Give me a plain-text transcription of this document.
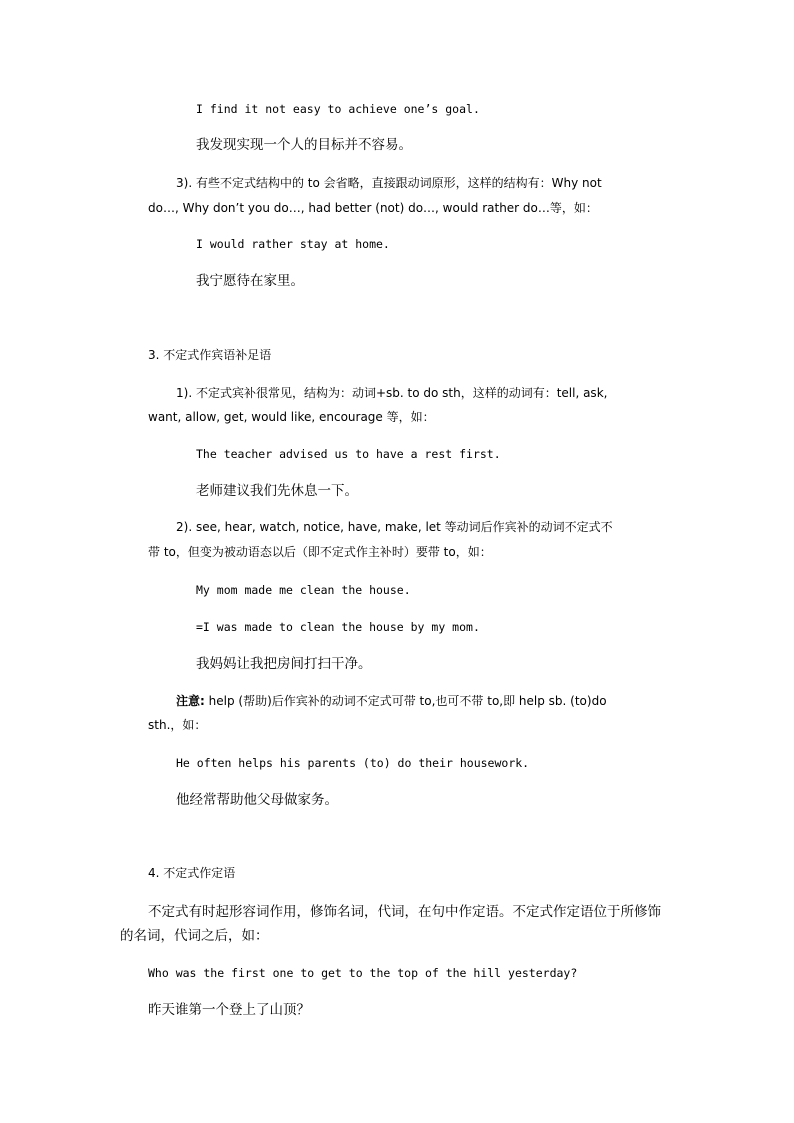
I find it not easy to achieve one’s goal.
我发现实现一个人的目标并不容易。
3). 有些不定式结构中的 to 会省略，直接跟动词原形，这样的结构有：Why not
do…, Why don’t you do…, had better (not) do…, would rather do…等，如：
I would rather stay at home.
我宁愿待在家里。
3. 不定式作宾语补足语
1). 不定式宾补很常见，结构为：动词+sb. to do sth，这样的动词有：tell, ask,
want, allow, get, would like, encourage 等，如：
The teacher advised us to have a rest first.
老师建议我们先休息一下。
2). see, hear, watch, notice, have, make, let 等动词后作宾补的动词不定式不
带 to，但变为被动语态以后（即不定式作主补时）要带 to，如：
My mom made me clean the house.
=I was made to clean the house by my mom.
我妈妈让我把房间打扫干净。
注意: help (帮助)后作宾补的动词不定式可带 to,也可不带 to,即 help sb. (to)do
sth.，如：
He often helps his parents (to) do their housework.
他经常帮助他父母做家务。
4. 不定式作定语
不定式有时起形容词作用，修饰名词，代词，在句中作定语。不定式作定语位于所修饰
的名词，代词之后，如：
Who was the first one to get to the top of the hill yesterday?
昨天谁第一个登上了山顶？
